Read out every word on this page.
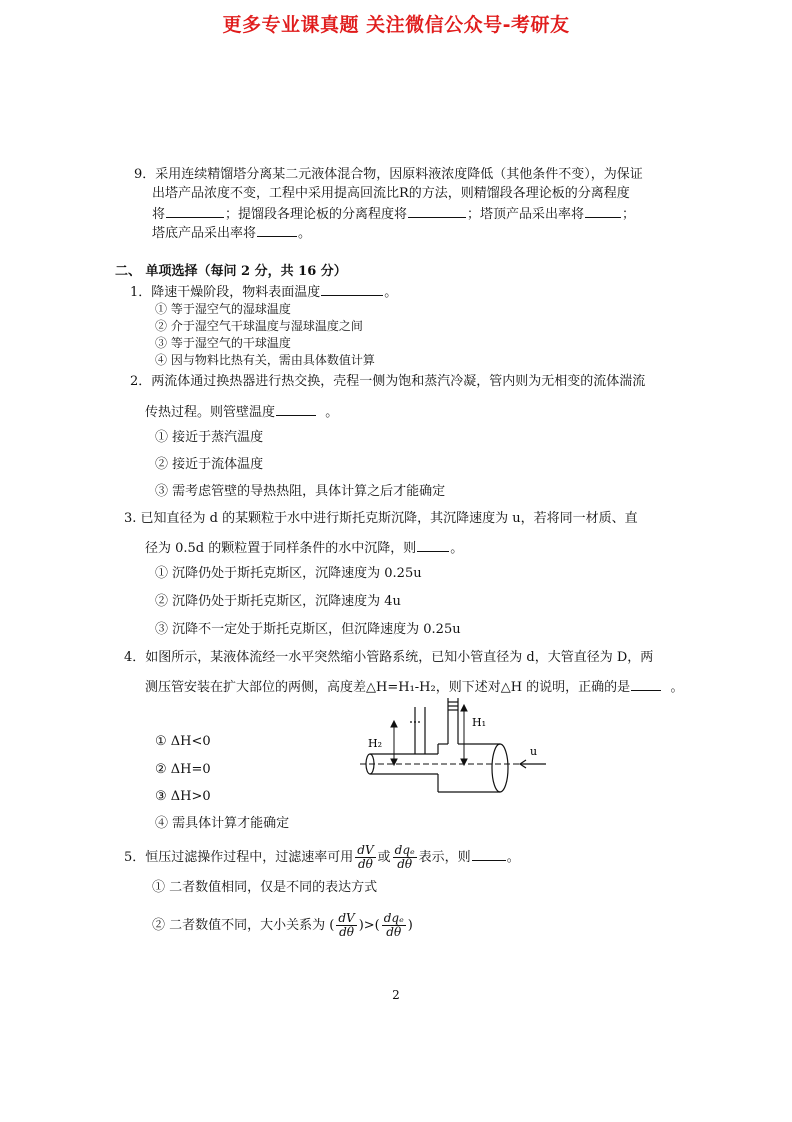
更多专业课真题 关注微信公众号-考研友
9．采用连续精馏塔分离某二元液体混合物，因原料液浓度降低（其他条件不变），为保证
出塔产品浓度不变，工程中采用提高回流比R的方法，则精馏段各理论板的分离程度
将	；提馏段各理论板的分离程度将	；塔顶产品采出率将	；
塔底产品采出率将	。
二、 单项选择（每问 2 分，共 16 分）
1．降速干燥阶段，物料表面温度	。
① 等于湿空气的湿球温度
② 介于湿空气干球温度与湿球温度之间
③ 等于湿空气的干球温度
④ 因与物料比热有关，需由具体数值计算
2．两流体通过换热器进行热交换，壳程一侧为饱和蒸汽冷凝，管内则为无相变的流体湍流
传热过程。则管壁温度	。
① 接近于蒸汽温度
② 接近于流体温度
③ 需考虑管壁的导热热阻，具体计算之后才能确定
3. 已知直径为 d 的某颗粒于水中进行斯托克斯沉降，其沉降速度为 u，若将同一材质、直
径为 0.5d 的颗粒置于同样条件的水中沉降，则	。
① 沉降仍处于斯托克斯区，沉降速度为 0.25u
② 沉降仍处于斯托克斯区，沉降速度为 4u
③ 沉降不一定处于斯托克斯区，但沉降速度为 0.25u
4．如图所示，某液体流经一水平突然缩小管路系统，已知小管直径为 d，大管直径为 D，两
测压管安装在扩大部位的两侧，高度差△H=H₁-H₂，则下述对△H 的说明，正确的是	。
① ΔH<0
② ΔH=0
③ ΔH>0
④ 需具体计算才能确定
H₂
H₁
u
5．恒压过滤操作过程中，过滤速率可用 $\frac{dV}{d\theta}$ 或 $\frac{\text{dqₑ}}{d\theta}$ 表示，则	。
① 二者数值相同，仅是不同的表达方式
② 二者数值不同，大小关系为 ( $\frac{dV}{d\theta}$ )>( $\frac{\text{dqₑ}}{d\theta}$ )
2
